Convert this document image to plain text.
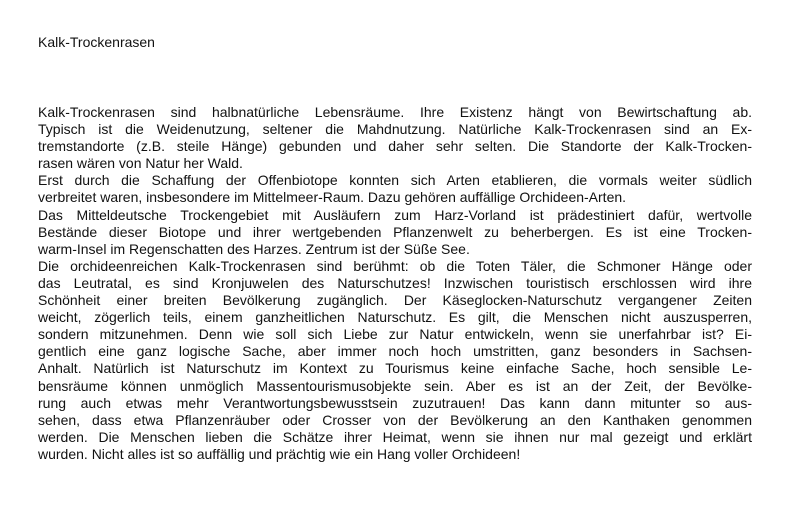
Kalk-Trockenrasen
Kalk-Trockenrasen sind halbnatürliche Lebensräume. Ihre Existenz hängt von Bewirtschaftung ab.
Typisch ist die Weidenutzung, seltener die Mahdnutzung. Natürliche Kalk-Trockenrasen sind an Ex-
tremstandorte (z.B. steile Hänge) gebunden und daher sehr selten. Die Standorte der Kalk-Trocken-
rasen wären von Natur her Wald.
Erst durch die Schaffung der Offenbiotope konnten sich Arten etablieren, die vormals weiter südlich
verbreitet waren, insbesondere im Mittelmeer-Raum. Dazu gehören auffällige Orchideen-Arten.
Das Mitteldeutsche Trockengebiet mit Ausläufern zum Harz-Vorland ist prädestiniert dafür, wertvolle
Bestände dieser Biotope und ihrer wertgebenden Pflanzenwelt zu beherbergen. Es ist eine Trocken-
warm-Insel im Regenschatten des Harzes. Zentrum ist der Süße See.
Die orchideenreichen Kalk-Trockenrasen sind berühmt: ob die Toten Täler, die Schmoner Hänge oder
das Leutratal, es sind Kronjuwelen des Naturschutzes! Inzwischen touristisch erschlossen wird ihre
Schönheit einer breiten Bevölkerung zugänglich. Der Käseglocken-Naturschutz vergangener Zeiten
weicht, zögerlich teils, einem ganzheitlichen Naturschutz. Es gilt, die Menschen nicht auszusperren,
sondern mitzunehmen. Denn wie soll sich Liebe zur Natur entwickeln, wenn sie unerfahrbar ist? Ei-
gentlich eine ganz logische Sache, aber immer noch hoch umstritten, ganz besonders in Sachsen-
Anhalt. Natürlich ist Naturschutz im Kontext zu Tourismus keine einfache Sache, hoch sensible Le-
bensräume können unmöglich Massentourismusobjekte sein. Aber es ist an der Zeit, der Bevölke-
rung auch etwas mehr Verantwortungsbewusstsein zuzutrauen! Das kann dann mitunter so aus-
sehen, dass etwa Pflanzenräuber oder Crosser von der Bevölkerung an den Kanthaken genommen
werden. Die Menschen lieben die Schätze ihrer Heimat, wenn sie ihnen nur mal gezeigt und erklärt
wurden. Nicht alles ist so auffällig und prächtig wie ein Hang voller Orchideen!
